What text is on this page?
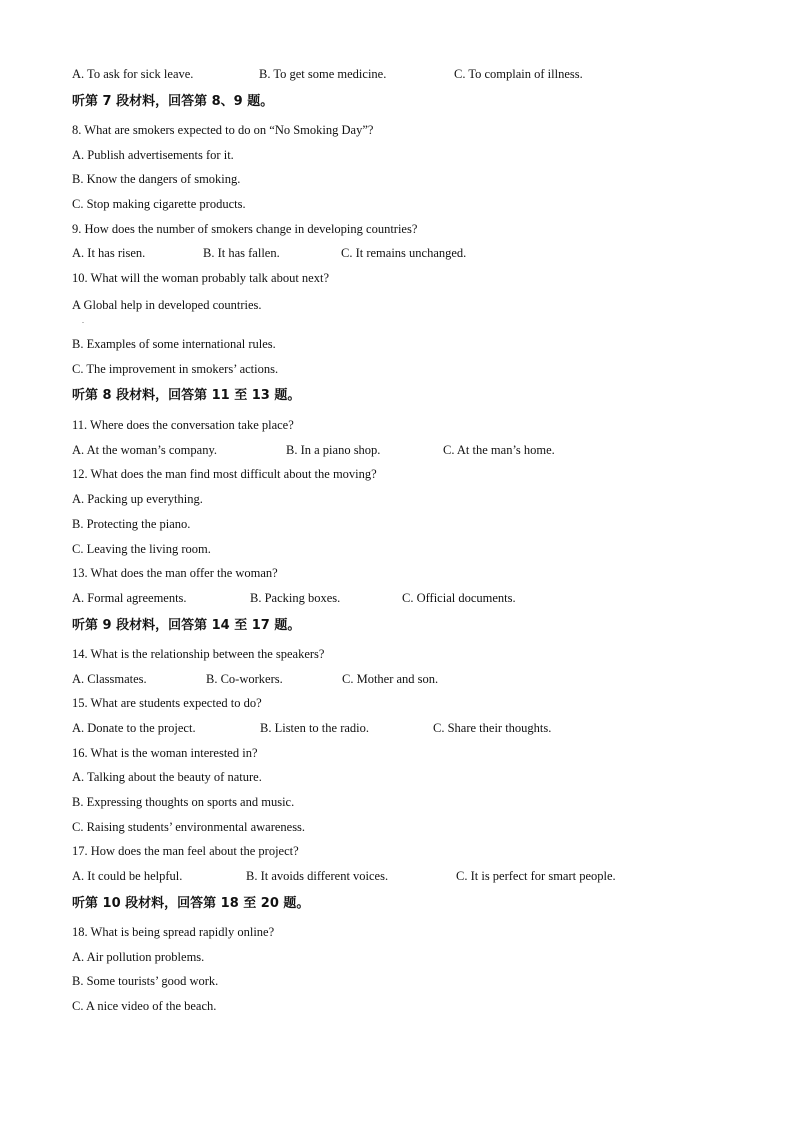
A. To ask for sick leave.	B. To get some medicine.	C. To complain of illness.
听第 7 段材料，回答第 8、9 题。
8. What are smokers expected to do on “No Smoking Day”?
A. Publish advertisements for it.
B. Know the dangers of smoking.
C. Stop making cigarette products.
9. How does the number of smokers change in developing countries?
A. It has risen.	B. It has fallen.	C. It remains unchanged.
10. What will the woman probably talk about next?
A Global help in developed countries.
.
B. Examples of some international rules.
C. The improvement in smokers’ actions.
听第 8 段材料，回答第 11 至 13 题。
11. Where does the conversation take place?
A. At the woman’s company.	B. In a piano shop.	C. At the man’s home.
12. What does the man find most difficult about the moving?
A. Packing up everything.
B. Protecting the piano.
C. Leaving the living room.
13. What does the man offer the woman?
A. Formal agreements.	B. Packing boxes.	C. Official documents.
听第 9 段材料，回答第 14 至 17 题。
14. What is the relationship between the speakers?
A. Classmates.	B. Co-workers.	C. Mother and son.
15. What are students expected to do?
A. Donate to the project.	B. Listen to the radio.	C. Share their thoughts.
16. What is the woman interested in?
A. Talking about the beauty of nature.
B. Expressing thoughts on sports and music.
C. Raising students’ environmental awareness.
17. How does the man feel about the project?
A. It could be helpful.	B. It avoids different voices.	C. It is perfect for smart people.
听第 10 段材料，回答第 18 至 20 题。
18. What is being spread rapidly online?
A. Air pollution problems.
B. Some tourists’ good work.
C. A nice video of the beach.
